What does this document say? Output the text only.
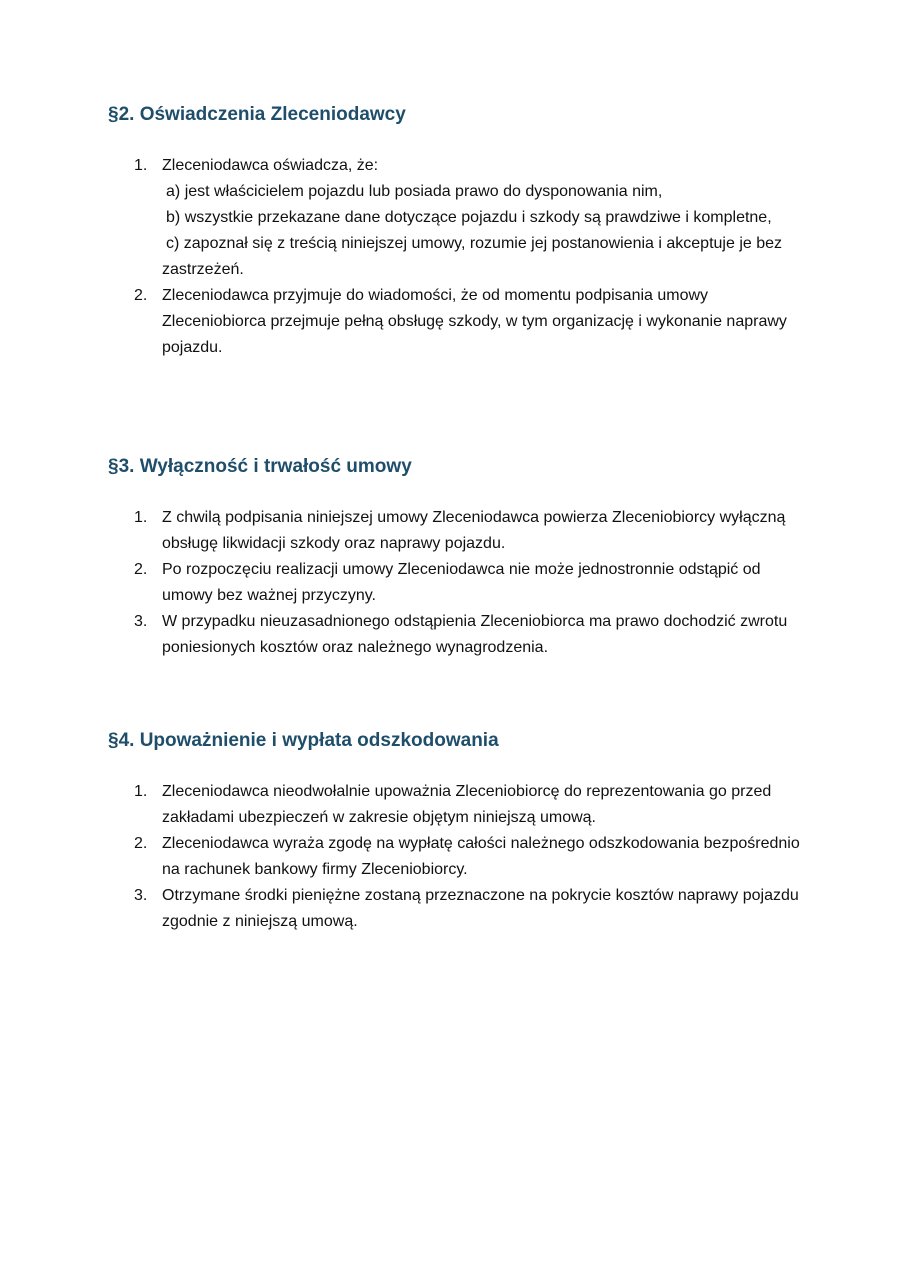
§2. Oświadczenia Zleceniodawcy
1. Zleceniodawca oświadcza, że:
a) jest właścicielem pojazdu lub posiada prawo do dysponowania nim,
b) wszystkie przekazane dane dotyczące pojazdu i szkody są prawdziwe i kompletne,
c) zapoznał się z treścią niniejszej umowy, rozumie jej postanowienia i akceptuje je bez zastrzeżeń.
2. Zleceniodawca przyjmuje do wiadomości, że od momentu podpisania umowy Zleceniobiorca przejmuje pełną obsługę szkody, w tym organizację i wykonanie naprawy pojazdu.
§3. Wyłączność i trwałość umowy
1. Z chwilą podpisania niniejszej umowy Zleceniodawca powierza Zleceniobiorcy wyłączną obsługę likwidacji szkody oraz naprawy pojazdu.
2. Po rozpoczęciu realizacji umowy Zleceniodawca nie może jednostronnie odstąpić od umowy bez ważnej przyczyny.
3. W przypadku nieuzasadnionego odstąpienia Zleceniobiorca ma prawo dochodzić zwrotu poniesionych kosztów oraz należnego wynagrodzenia.
§4. Upoważnienie i wypłata odszkodowania
1. Zleceniodawca nieodwołalnie upoważnia Zleceniobiorcę do reprezentowania go przed zakładami ubezpieczeń w zakresie objętym niniejszą umową.
2. Zleceniodawca wyraża zgodę na wypłatę całości należnego odszkodowania bezpośrednio na rachunek bankowy firmy Zleceniobiorcy.
3. Otrzymane środki pieniężne zostaną przeznaczone na pokrycie kosztów naprawy pojazdu zgodnie z niniejszą umową.
